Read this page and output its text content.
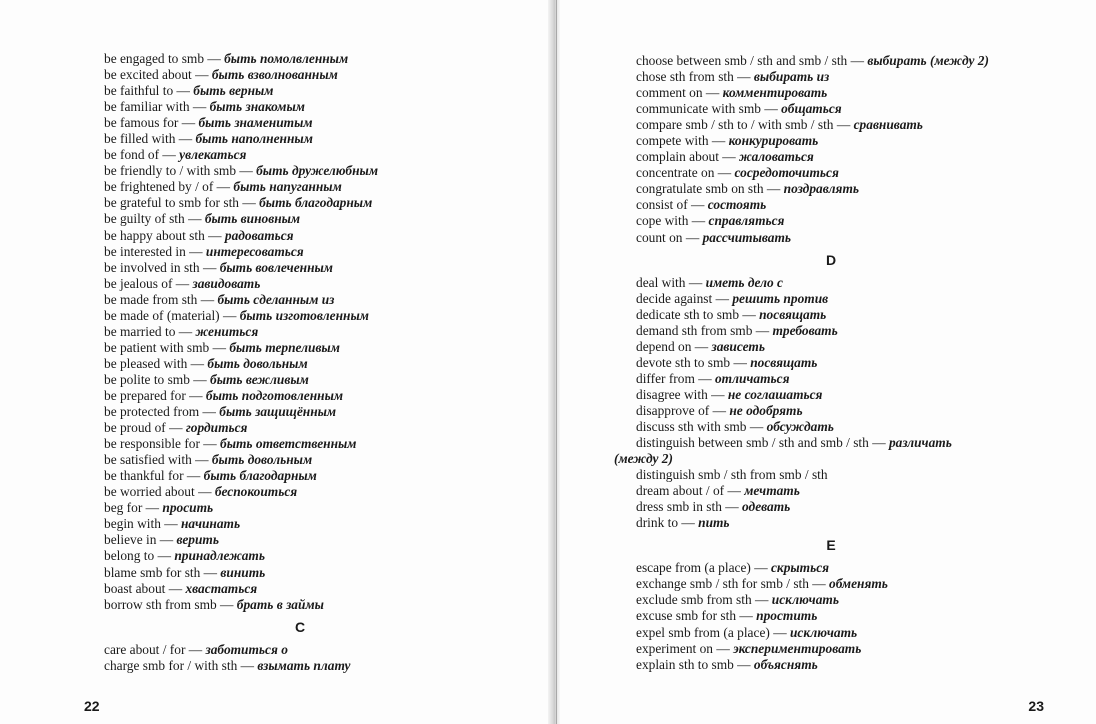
be engaged to smb — быть помолвленным
be excited about — быть взволнованным
be faithful to — быть верным
be familiar with — быть знакомым
be famous for — быть знаменитым
be filled with — быть наполненным
be fond of — увлекаться
be friendly to / with smb — быть дружелюбным
be frightened by / of — быть напуганным
be grateful to smb for sth — быть благодарным
be guilty of sth — быть виновным
be happy about sth — радоваться
be interested in — интересоваться
be involved in sth — быть вовлеченным
be jealous of — завидовать
be made from sth — быть сделанным из
be made of (material) — быть изготовленным
be married to — жениться
be patient with smb — быть терпеливым
be pleased with — быть довольным
be polite to smb — быть вежливым
be prepared for — быть подготовленным
be protected from — быть защищённым
be proud of — гордиться
be responsible for — быть ответственным
be satisfied with — быть довольным
be thankful for — быть благодарным
be worried about — беспокоиться
beg for — просить
begin with — начинать
believe in — верить
belong to — принадлежать
blame smb for sth — винить
boast about — хвастаться
borrow sth from smb — брать в займы
C
care about / for — заботиться о
charge smb for / with sth — взымать плату
22
choose between smb / sth and smb / sth — выбирать (между 2)
chose sth from sth — выбирать из
comment on — комментировать
communicate with smb — общаться
compare smb / sth to / with smb / sth — сравнивать
compete with — конкурировать
complain about — жаловаться
concentrate on — сосредоточиться
congratulate smb on sth — поздравлять
consist of — состоять
cope with — справляться
count on — рассчитывать
D
deal with — иметь дело с
decide against — решить против
dedicate sth to smb — посвящать
demand sth from smb — требовать
depend on — зависеть
devote sth to smb — посвящать
differ from — отличаться
disagree with — не соглашаться
disapprove of — не одобрять
discuss sth with smb — обсуждать
distinguish between smb / sth and smb / sth — различать
(между 2)
distinguish smb / sth from smb / sth
dream about / of — мечтать
dress smb in sth — одевать
drink to — пить
E
escape from (a place) — скрыться
exchange smb / sth for smb / sth — обменять
exclude smb from sth — исключать
excuse smb for sth — простить
expel smb from (a place) — исключать
experiment on — экспериментировать
explain sth to smb — объяснять
23
